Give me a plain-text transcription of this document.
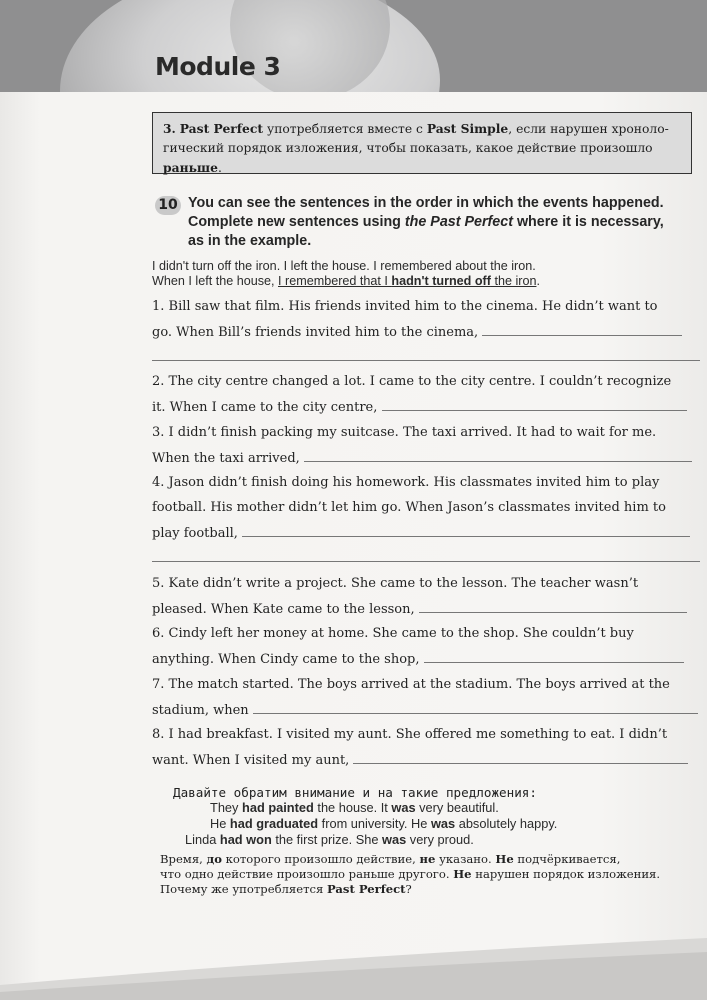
Module 3
3. Past Perfect употребляется вместе с Past Simple, если нарушен хроноло-
гический порядок изложения, чтобы показать, какое действие произошло
раньше.
10 You can see the sentences in the order in which the events happened.
Complete new sentences using the Past Perfect where it is necessary,
as in the example.
I didn't turn off the iron. I left the house. I remembered about the iron.
When I left the house, I remembered that I hadn't turned off the iron.
1. Bill saw that film. His friends invited him to the cinema. He didn’t want to
go. When Bill’s friends invited him to the cinema,
2. The city centre changed a lot. I came to the city centre. I couldn’t recognize
it. When I came to the city centre,
3. I didn’t finish packing my suitcase. The taxi arrived. It had to wait for me.
When the taxi arrived,
4. Jason didn’t finish doing his homework. His classmates invited him to play
football. His mother didn’t let him go. When Jason’s classmates invited him to
play football,
5. Kate didn’t write a project. She came to the lesson. The teacher wasn’t
pleased. When Kate came to the lesson,
6. Cindy left her money at home. She came to the shop. She couldn’t buy
anything. When Cindy came to the shop,
7. The match started. The boys arrived at the stadium. The boys arrived at the
stadium, when
8. I had breakfast. I visited my aunt. She offered me something to eat. I didn’t
want. When I visited my aunt,
Давайте обратим внимание и на такие предложения:
They had painted the house. It was very beautiful.
He had graduated from university. He was absolutely happy.
Linda had won the first prize. She was very proud.
Время, до которого произошло действие, не указано. Не подчёркивается,
что одно действие произошло раньше другого. Не нарушен порядок изложения.
Почему же употребляется Past Perfect?
